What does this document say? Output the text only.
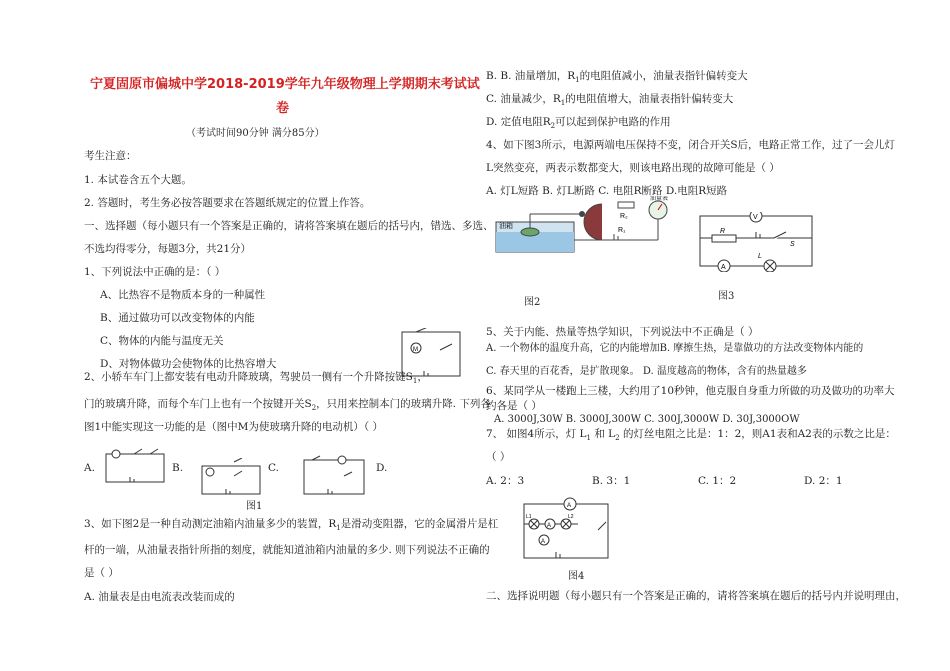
宁夏固原市偏城中学2018-2019学年九年级物理上学期期末考试试
卷
（考试时间90分钟 满分85分）
考生注意：
1. 本试卷含五个大题。
2. 答题时，考生务必按答题要求在答题纸规定的位置上作答。
一、选择题（每小题只有一个答案是正确的，请将答案填在题后的括号内，错选、多选、
不选均得零分，每题3分，共21分）
1、下列说法中正确的是：（ ）
A、比热容不是物质本身的一种属性
B、通过做功可以改变物体的内能
C、物体的内能与温度无关
D、对物体做功会使物体的比热容增大
M
2、小轿车车门上都安装有电动升降玻璃，驾驶员一侧有一个升降按键$S_1$，
门的玻璃升降，而每个车门上也有一个按键开关$S_2$，只用来控制本门的玻璃升降. 下列各
图1中能实现这一功能的是（图中M为使玻璃升降的电动机）（ ）
A.	B.	C.	D.
图1
3、如下图2是一种自动测定油箱内油量多少的装置，$R_1$是滑动变阻器，它的金属滑片是杠
杆的一端，从油量表指针所指的刻度，就能知道油箱内油量的多少. 则下列说法不正确的
是（ ）
A. 油量表是由电流表改装而成的
B. B. 油量增加，$R_1$的电阻值减小，油量表指针偏转变大
C. 油量减少，$R_1$的电阻值增大，油量表指针偏转变大
D. 定值电阻$R_2$可以起到保护电路的作用
4、如下图3所示，电源两端电压保持不变，闭合开关S后，电路正常工作，过了一会儿灯
L突然变亮，两表示数都变大，则该电路出现的故障可能是（ ）
A. 灯L短路 B. 灯L断路 C. 电阻R断路 D.电阻R短路
油箱
R₂
R₁
油量表
图2
V
R
S
L
A
图3
5、关于内能、热量等热学知识，下列说法中不正确是（ ）
A. 一个物体的温度升高，它的内能增加B. 摩擦生热，是靠做功的方法改变物体内能的
C. 春天里的百花香，是扩散现象。 D. 温度越高的物体，含有的热量越多
6、某同学从一楼跑上三楼，大约用了10秒钟，他克服自身重力所做的功及做功的功率大
约各是（ ）
A. 3000J,30W B. 3000J,300W C. 300J,3000W D. 30J,3000OW
7、 如图4所示，灯 $L_1$ 和 $L_2$ 的灯丝电阻之比是：1：2，则A1表和A2表的示数之比是：
（ ）
A. 2：3	B. 3：1	C. 1：2	D. 2：1
A
A
A
L1	L2
图4
二、选择说明题（每小题只有一个答案是正确的，请将答案填在题后的括号内并说明理由，
